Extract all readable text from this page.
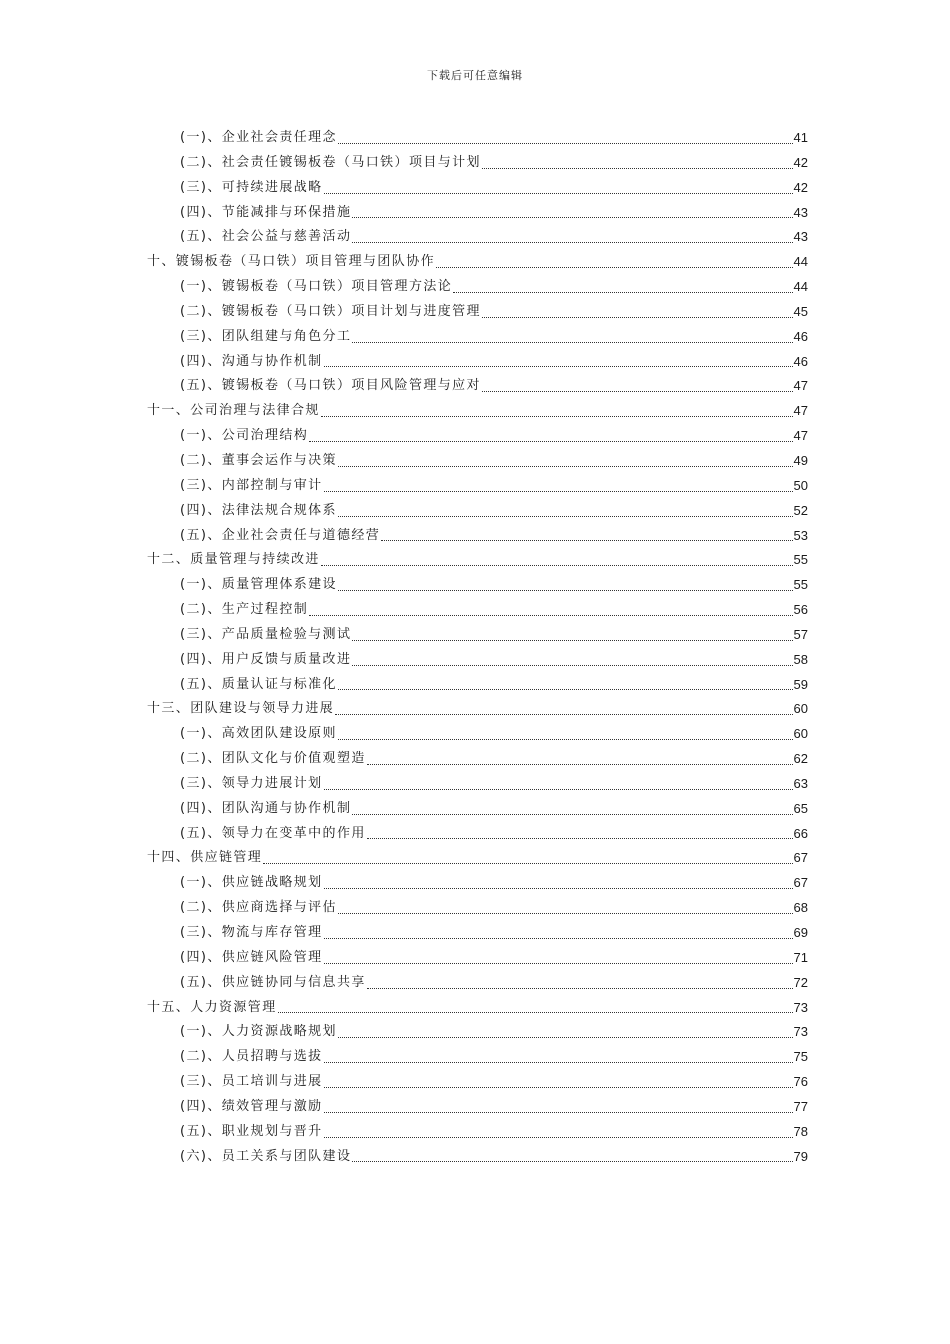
下载后可任意编辑
(一)、企业社会责任理念	41
(二)、社会责任镀锡板卷（马口铁）项目与计划	42
(三)、可持续进展战略	42
(四)、节能减排与环保措施	43
(五)、社会公益与慈善活动	43
十、镀锡板卷（马口铁）项目管理与团队协作	44
(一)、镀锡板卷（马口铁）项目管理方法论	44
(二)、镀锡板卷（马口铁）项目计划与进度管理	45
(三)、团队组建与角色分工	46
(四)、沟通与协作机制	46
(五)、镀锡板卷（马口铁）项目风险管理与应对	47
十一、公司治理与法律合规	47
(一)、公司治理结构	47
(二)、董事会运作与决策	49
(三)、内部控制与审计	50
(四)、法律法规合规体系	52
(五)、企业社会责任与道德经营	53
十二、质量管理与持续改进	55
(一)、质量管理体系建设	55
(二)、生产过程控制	56
(三)、产品质量检验与测试	57
(四)、用户反馈与质量改进	58
(五)、质量认证与标准化	59
十三、团队建设与领导力进展	60
(一)、高效团队建设原则	60
(二)、团队文化与价值观塑造	62
(三)、领导力进展计划	63
(四)、团队沟通与协作机制	65
(五)、领导力在变革中的作用	66
十四、供应链管理	67
(一)、供应链战略规划	67
(二)、供应商选择与评估	68
(三)、物流与库存管理	69
(四)、供应链风险管理	71
(五)、供应链协同与信息共享	72
十五、人力资源管理	73
(一)、人力资源战略规划	73
(二)、人员招聘与选拔	75
(三)、员工培训与进展	76
(四)、绩效管理与激励	77
(五)、职业规划与晋升	78
(六)、员工关系与团队建设	79
